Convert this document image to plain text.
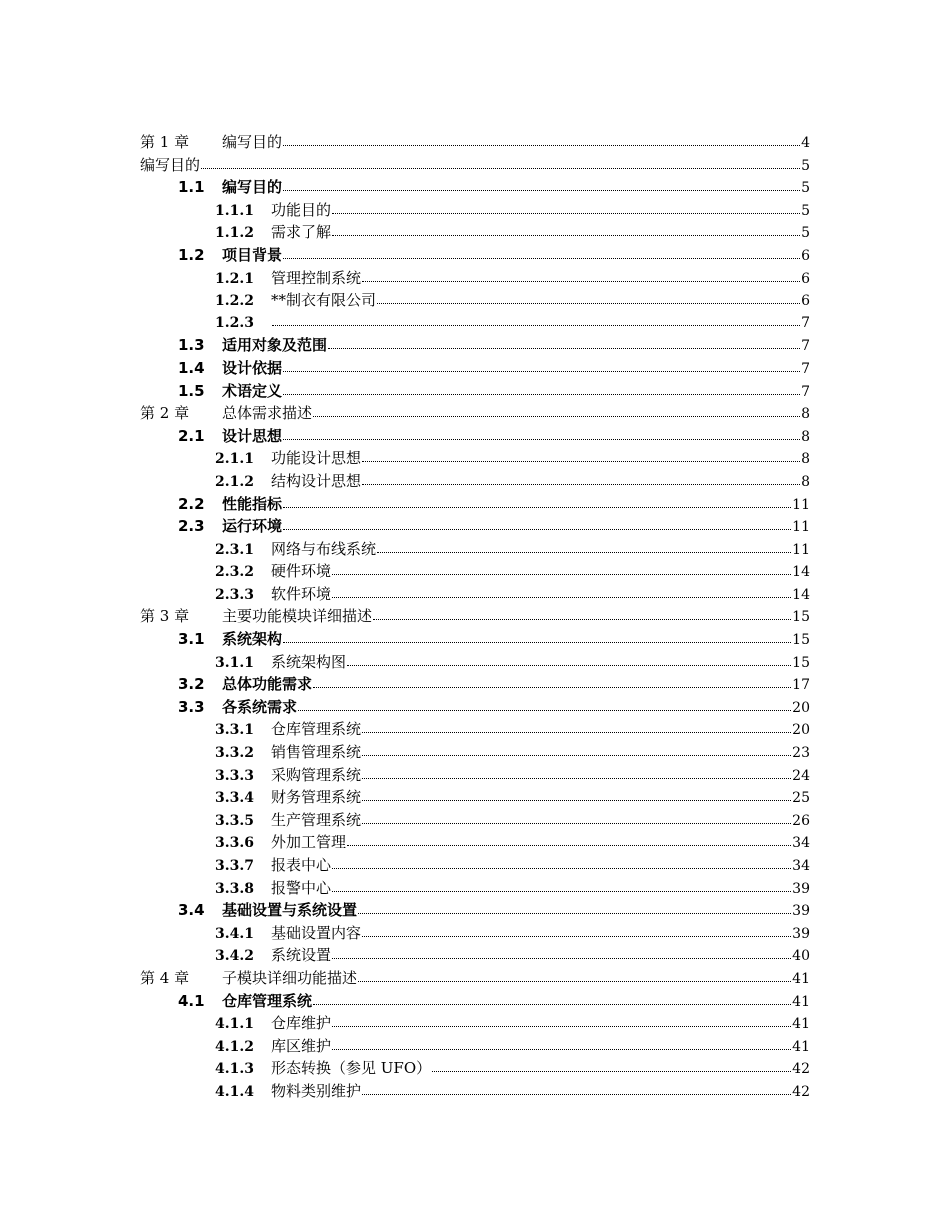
第 1 章	编写目的	4
编写目的	5
1.1	编写目的	5
1.1.1	功能目的	5
1.1.2	需求了解	5
1.2	项目背景	6
1.2.1	管理控制系统	6
1.2.2	**制衣有限公司	6
1.2.3	7
1.3	适用对象及范围	7
1.4	设计依据	7
1.5	术语定义	7
第 2 章	总体需求描述	8
2.1	设计思想	8
2.1.1	功能设计思想	8
2.1.2	结构设计思想	8
2.2	性能指标	11
2.3	运行环境	11
2.3.1	网络与布线系统	11
2.3.2	硬件环境	14
2.3.3	软件环境	14
第 3 章	主要功能模块详细描述	15
3.1	系统架构	15
3.1.1	系统架构图	15
3.2	总体功能需求	17
3.3	各系统需求	20
3.3.1	仓库管理系统	20
3.3.2	销售管理系统	23
3.3.3	采购管理系统	24
3.3.4	财务管理系统	25
3.3.5	生产管理系统	26
3.3.6	外加工管理	34
3.3.7	报表中心	34
3.3.8	报警中心	39
3.4	基础设置与系统设置	39
3.4.1	基础设置内容	39
3.4.2	系统设置	40
第 4 章	子模块详细功能描述	41
4.1	仓库管理系统	41
4.1.1	仓库维护	41
4.1.2	库区维护	41
4.1.3	形态转换（参见 UFO）	42
4.1.4	物料类别维护	42
